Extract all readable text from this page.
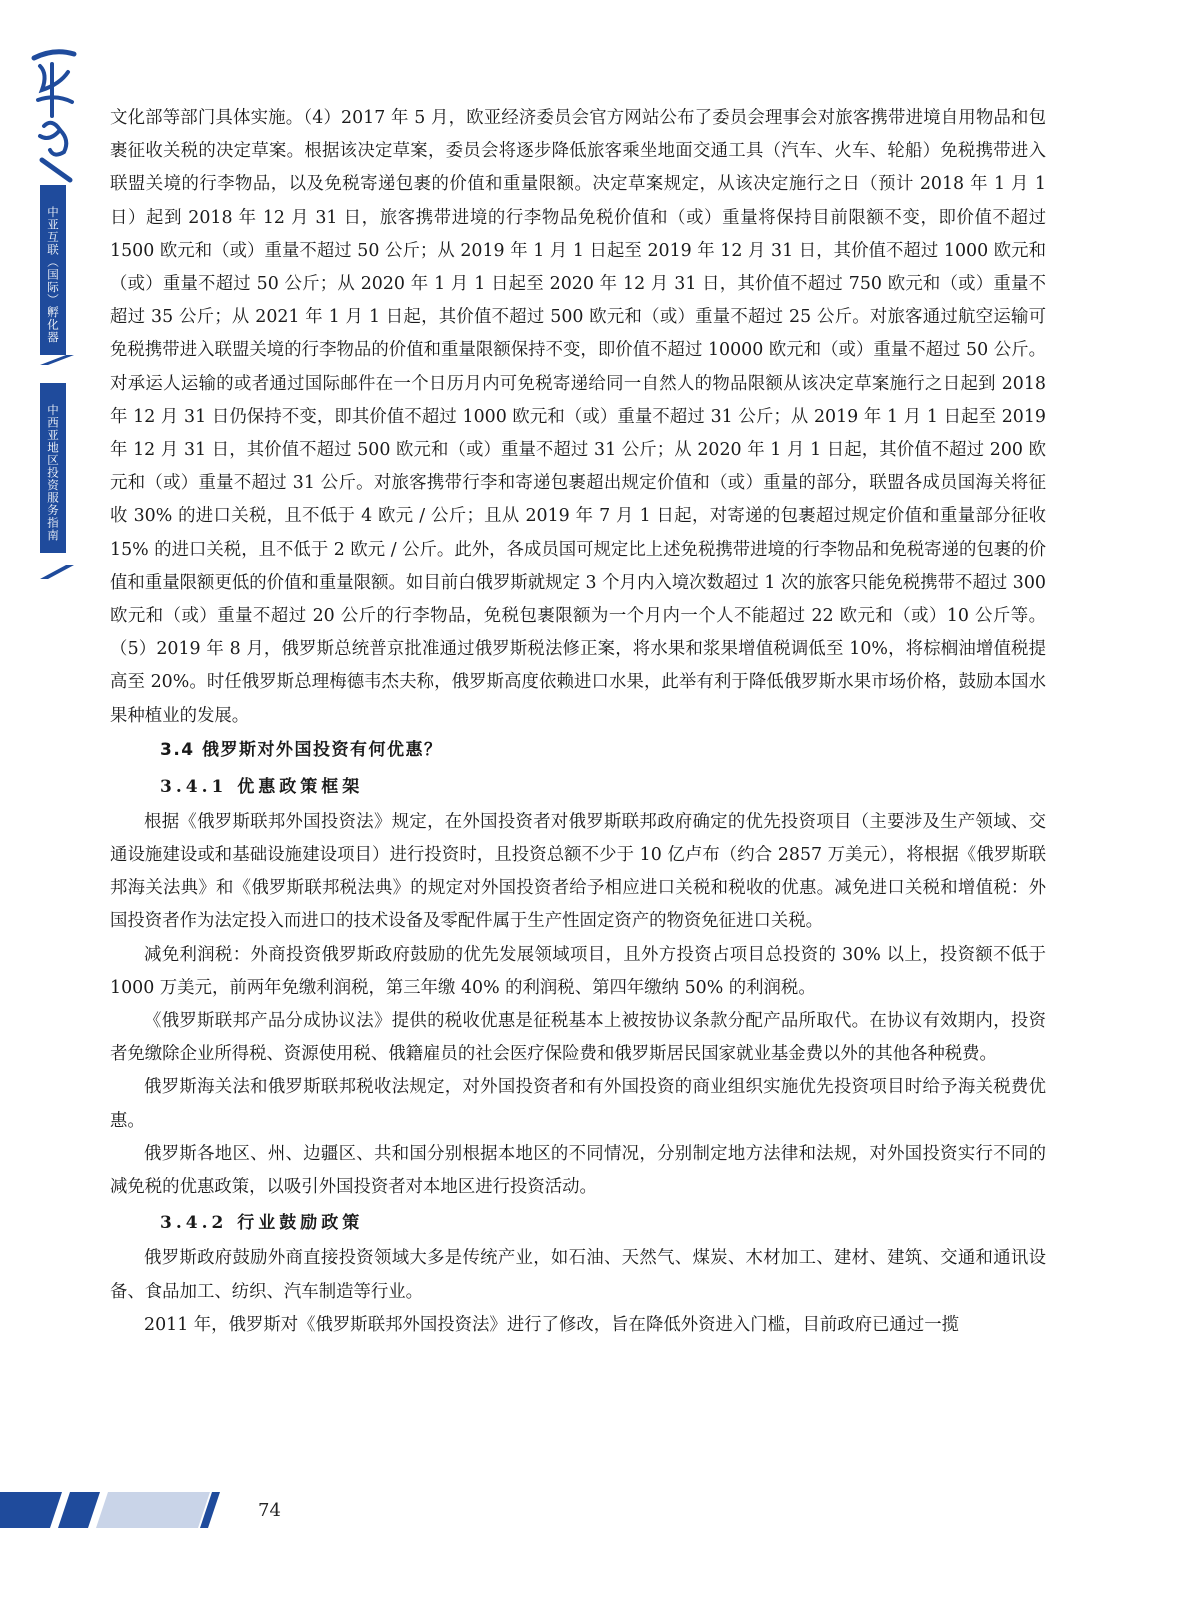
中亚互联（国际）孵化器
中西亚地区投资服务指南

文化部等部门具体实施。（4）2017 年 5 月，欧亚经济委员会官方网站公布了委员会理事会对旅客携带进境自用物品和包裹征收关税的决定草案。根据该决定草案，委员会将逐步降低旅客乘坐地面交通工具（汽车、火车、轮船）免税携带进入联盟关境的行李物品，以及免税寄递包裹的价值和重量限额。决定草案规定，从该决定施行之日（预计 2018 年 1 月 1 日）起到 2018 年 12 月 31 日，旅客携带进境的行李物品免税价值和（或）重量将保持目前限额不变，即价值不超过 1500 欧元和（或）重量不超过 50 公斤；从 2019 年 1 月 1 日起至 2019 年 12 月 31 日，其价值不超过 1000 欧元和（或）重量不超过 50 公斤；从 2020 年 1 月 1 日起至 2020 年 12 月 31 日，其价值不超过 750 欧元和（或）重量不超过 35 公斤；从 2021 年 1 月 1 日起，其价值不超过 500 欧元和（或）重量不超过 25 公斤。对旅客通过航空运输可免税携带进入联盟关境的行李物品的价值和重量限额保持不变，即价值不超过 10000 欧元和（或）重量不超过 50 公斤。对承运人运输的或者通过国际邮件在一个日历月内可免税寄递给同一自然人的物品限额从该决定草案施行之日起到 2018 年 12 月 31 日仍保持不变，即其价值不超过 1000 欧元和（或）重量不超过 31 公斤；从 2019 年 1 月 1 日起至 2019 年 12 月 31 日，其价值不超过 500 欧元和（或）重量不超过 31 公斤；从 2020 年 1 月 1 日起，其价值不超过 200 欧元和（或）重量不超过 31 公斤。对旅客携带行李和寄递包裹超出规定价值和（或）重量的部分，联盟各成员国海关将征收 30% 的进口关税，且不低于 4 欧元 / 公斤；且从 2019 年 7 月 1 日起，对寄递的包裹超过规定价值和重量部分征收 15% 的进口关税，且不低于 2 欧元 / 公斤。此外，各成员国可规定比上述免税携带进境的行李物品和免税寄递的包裹的价值和重量限额更低的价值和重量限额。如目前白俄罗斯就规定 3 个月内入境次数超过 1 次的旅客只能免税携带不超过 300 欧元和（或）重量不超过 20 公斤的行李物品，免税包裹限额为一个月内一个人不能超过 22 欧元和（或）10 公斤等。（5）2019 年 8 月，俄罗斯总统普京批准通过俄罗斯税法修正案，将水果和浆果增值税调低至 10%，将棕榈油增值税提高至 20%。时任俄罗斯总理梅德韦杰夫称，俄罗斯高度依赖进口水果，此举有利于降低俄罗斯水果市场价格，鼓励本国水果种植业的发展。

3.4 俄罗斯对外国投资有何优惠？
3.4.1 优惠政策框架

根据《俄罗斯联邦外国投资法》规定，在外国投资者对俄罗斯联邦政府确定的优先投资项目（主要涉及生产领域、交通设施建设或和基础设施建设项目）进行投资时，且投资总额不少于 10 亿卢布（约合 2857 万美元），将根据《俄罗斯联邦海关法典》和《俄罗斯联邦税法典》的规定对外国投资者给予相应进口关税和税收的优惠。减免进口关税和增值税：外国投资者作为法定投入而进口的技术设备及零配件属于生产性固定资产的物资免征进口关税。

减免利润税：外商投资俄罗斯政府鼓励的优先发展领域项目，且外方投资占项目总投资的 30% 以上，投资额不低于 1000 万美元，前两年免缴利润税，第三年缴 40% 的利润税、第四年缴纳 50% 的利润税。

《俄罗斯联邦产品分成协议法》提供的税收优惠是征税基本上被按协议条款分配产品所取代。在协议有效期内，投资者免缴除企业所得税、资源使用税、俄籍雇员的社会医疗保险费和俄罗斯居民国家就业基金费以外的其他各种税费。

俄罗斯海关法和俄罗斯联邦税收法规定，对外国投资者和有外国投资的商业组织实施优先投资项目时给予海关税费优惠。

俄罗斯各地区、州、边疆区、共和国分别根据本地区的不同情况，分别制定地方法律和法规，对外国投资实行不同的减免税的优惠政策，以吸引外国投资者对本地区进行投资活动。

3.4.2 行业鼓励政策

俄罗斯政府鼓励外商直接投资领域大多是传统产业，如石油、天然气、煤炭、木材加工、建材、建筑、交通和通讯设备、食品加工、纺织、汽车制造等行业。

2011 年，俄罗斯对《俄罗斯联邦外国投资法》进行了修改，旨在降低外资进入门槛，目前政府已通过一揽

74
